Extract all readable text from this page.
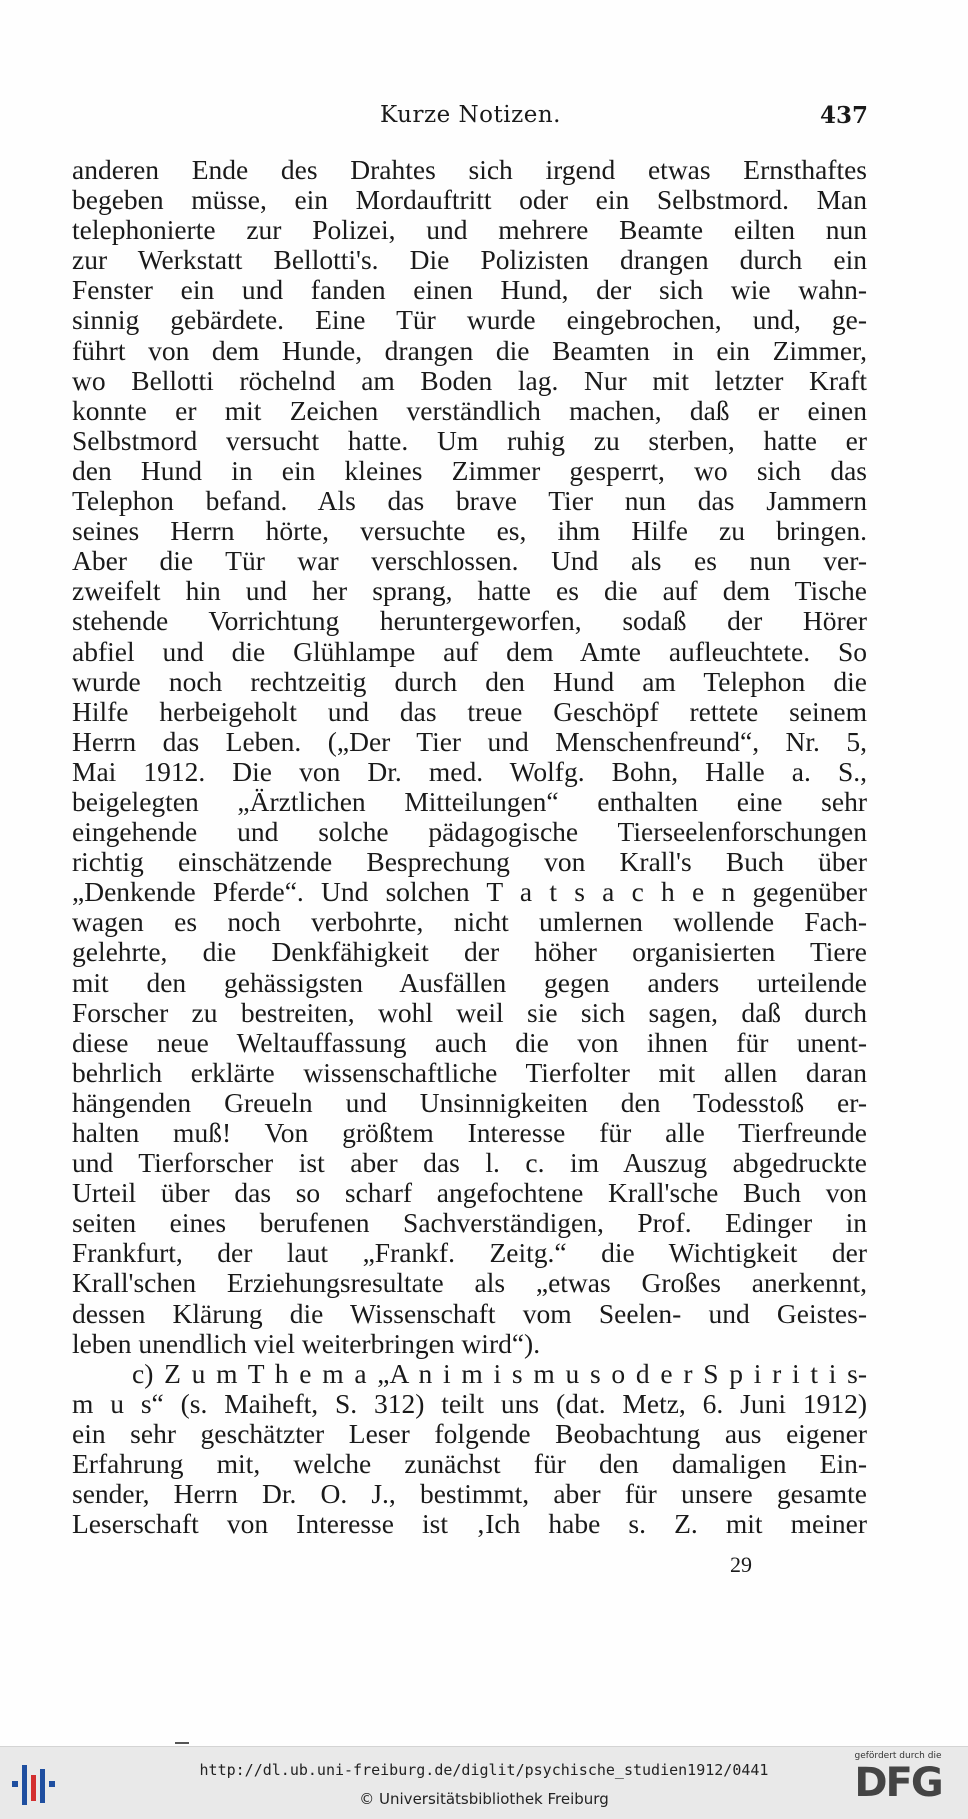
Kurze Notizen.	437
anderen Ende des Drahtes sich irgend etwas Ernsthaftes
begeben müsse, ein Mordauftritt oder ein Selbstmord. Man
telephonierte zur Polizei, und mehrere Beamte eilten nun
zur Werkstatt Bellotti's. Die Polizisten drangen durch ein
Fenster ein und fanden einen Hund, der sich wie wahn-
sinnig gebärdete. Eine Tür wurde eingebrochen, und, ge-
führt von dem Hunde, drangen die Beamten in ein Zimmer,
wo Bellotti röchelnd am Boden lag. Nur mit letzter Kraft
konnte er mit Zeichen verständlich machen, daß er einen
Selbstmord versucht hatte. Um ruhig zu sterben, hatte er
den Hund in ein kleines Zimmer gesperrt, wo sich das
Telephon befand. Als das brave Tier nun das Jammern
seines Herrn hörte, versuchte es, ihm Hilfe zu bringen.
Aber die Tür war verschlossen. Und als es nun ver-
zweifelt hin und her sprang, hatte es die auf dem Tische
stehende Vorrichtung heruntergeworfen, sodaß der Hörer
abfiel und die Glühlampe auf dem Amte aufleuchtete. So
wurde noch rechtzeitig durch den Hund am Telephon die
Hilfe herbeigeholt und das treue Geschöpf rettete seinem
Herrn das Leben. („Der Tier und Menschenfreund“, Nr. 5,
Mai 1912. Die von Dr. med. Wolfg. Bohn, Halle a. S.,
beigelegten „Ärztlichen Mitteilungen“ enthalten eine sehr
eingehende und solche pädagogische Tierseelenforschungen
richtig einschätzende Besprechung von Krall's Buch über
„Denkende Pferde“. Und solchen T a t s a c h e n gegenüber
wagen es noch verbohrte, nicht umlernen wollende Fach-
gelehrte, die Denkfähigkeit der höher organisierten Tiere
mit den gehässigsten Ausfällen gegen anders urteilende
Forscher zu bestreiten, wohl weil sie sich sagen, daß durch
diese neue Weltauffassung auch die von ihnen für unent-
behrlich erklärte wissenschaftliche Tierfolter mit allen daran
hängenden Greueln und Unsinnigkeiten den Todesstoß er-
halten muß! Von größtem Interesse für alle Tierfreunde
und Tierforscher ist aber das l. c. im Auszug abgedruckte
Urteil über das so scharf angefochtene Krall'sche Buch von
seiten eines berufenen Sachverständigen, Prof. Edinger in
Frankfurt, der laut „Frankf. Zeitg.“ die Wichtigkeit der
Krall'schen Erziehungsresultate als „etwas Großes anerkennt,
dessen Klärung die Wissenschaft vom Seelen- und Geistes-
leben unendlich viel weiterbringen wird“).
c) Z u m T h e m a „A n i m i s m u s o d e r S p i r i t i s-
m u s“ (s. Maiheft, S. 312) teilt uns (dat. Metz, 6. Juni 1912)
ein sehr geschätzter Leser folgende Beobachtung aus eigener
Erfahrung mit, welche zunächst für den damaligen Ein-
sender, Herrn Dr. O. J., bestimmt, aber für unsere gesamte
Leserschaft von Interesse ist ‚Ich habe s. Z. mit meiner
29
http://dl.ub.uni-freiburg.de/diglit/psychische_studien1912/0441
© Universitätsbibliothek Freiburg
gefördert durch die
DFG
